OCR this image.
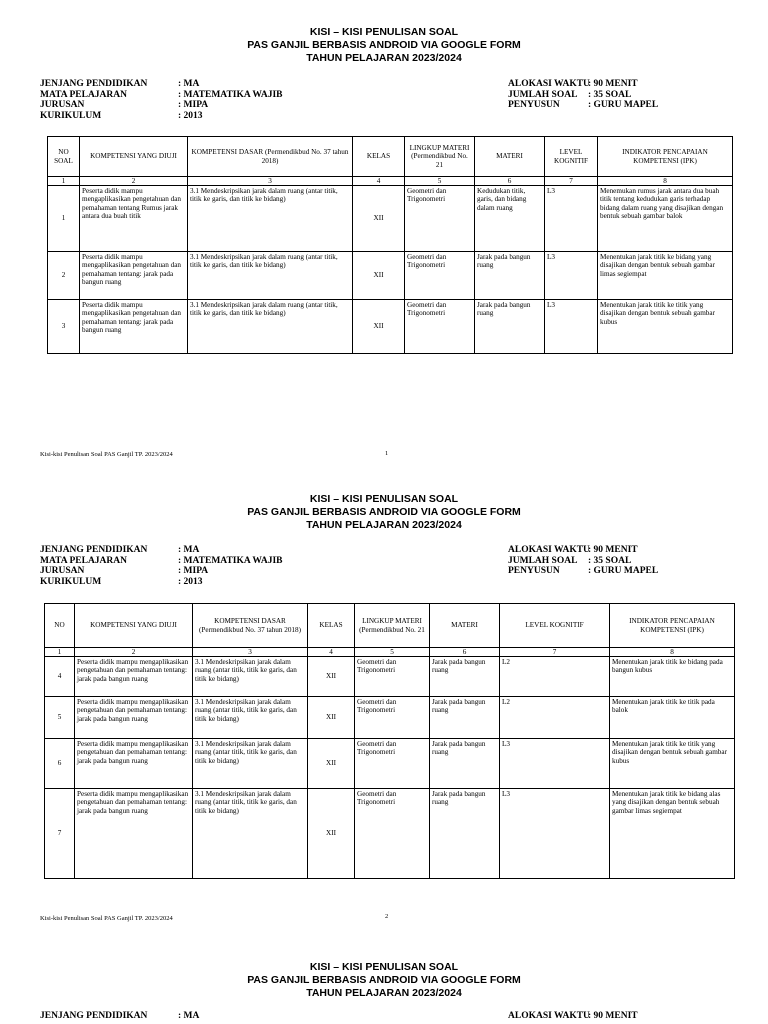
KISI – KISI PENULISAN SOAL
PAS GANJIL BERBASIS ANDROID VIA GOOGLE FORM
TAHUN PELAJARAN 2023/2024
JENJANG PENDIDIKAN	: MA
MATA PELAJARAN	: MATEMATIKA WAJIB
JURUSAN	: MIPA
KURIKULUM	: 2013
ALOKASI WAKTU
: 90 MENIT
JUMLAH SOAL	: 35 SOAL
PENYUSUN	: GURU MAPEL
NO SOAL	KOMPETENSI YANG DIUJI	KOMPETENSI DASAR (Permendikbud No. 37 tahun 2018)	KELAS	LINGKUP MATERI (Permendikbud No. 21	MATERI	LEVEL KOGNITIF	INDIKATOR PENCAPAIAN KOMPETENSI (IPK)
1	2	3	4	5	6	7	8
1	Peserta didik mampu mengaplikasikan pengetahuan dan pemahaman tentang Rumus jarak antara dua buah titik	3.1 Mendeskripsikan jarak dalam ruang (antar titik, titik ke garis, dan titik ke bidang)	XII	Geometri dan Trigonometri	Kedudukan titik, garis, dan bidang dalam ruang	L3	Menemukan rumus jarak antara dua buah titik tentang kedudukan garis terhadap bidang dalam ruang yang disajikan dengan bentuk sebuah gambar balok
2	Peserta didik mampu mengaplikasikan pengetahuan dan pemahaman tentang: jarak pada bangun ruang	3.1 Mendeskripsikan jarak dalam ruang (antar titik, titik ke garis, dan titik ke bidang)	XII	Geometri dan Trigonometri	Jarak pada bangun ruang	L3	Menentukan jarak titik ke bidang yang disajikan dengan bentuk sebuah gambar limas segiempat
3	Peserta didik mampu mengaplikasikan pengetahuan dan pemahaman tentang: jarak pada bangun ruang	3.1 Mendeskripsikan jarak dalam ruang (antar titik, titik ke garis, dan titik ke bidang)	XII	Geometri dan Trigonometri	Jarak pada bangun ruang	L3	Menentukan jarak titik ke titik yang disajikan dengan bentuk sebuah gambar kubus
Kisi-kisi Penulisan Soal PAS Ganjil TP. 2023/2024	1
KISI – KISI PENULISAN SOAL
PAS GANJIL BERBASIS ANDROID VIA GOOGLE FORM
TAHUN PELAJARAN 2023/2024
JENJANG PENDIDIKAN	: MA
MATA PELAJARAN	: MATEMATIKA WAJIB
JURUSAN	: MIPA
KURIKULUM	: 2013
ALOKASI WAKTU
: 90 MENIT
JUMLAH SOAL	: 35 SOAL
PENYUSUN	: GURU MAPEL
NO	KOMPETENSI YANG DIUJI	KOMPETENSI DASAR (Permendikbud No. 37 tahun 2018)	KELAS	LINGKUP MATERI (Permendikbud No. 21	MATERI	LEVEL KOGNITIF	INDIKATOR PENCAPAIAN KOMPETENSI (IPK)
1	2	3	4	5	6	7	8
4	Peserta didik mampu mengaplikasikan pengetahuan dan pemahaman tentang: jarak pada bangun ruang	3.1 Mendeskripsikan jarak dalam ruang (antar titik, titik ke garis, dan titik ke bidang)	XII	Geometri dan Trigonometri	Jarak pada bangun ruang	L2	Menentukan jarak titik ke bidang pada bangun kubus
5	Peserta didik mampu mengaplikasikan pengetahuan dan pemahaman tentang: jarak pada bangun ruang	3.1 Mendeskripsikan jarak dalam ruang (antar titik, titik ke garis, dan titik ke bidang)	XII	Geometri dan Trigonometri	Jarak pada bangun ruang	L2	Menentukan jarak titik ke titik pada balok
6	Peserta didik mampu mengaplikasikan pengetahuan dan pemahaman tentang: jarak pada bangun ruang	3.1 Mendeskripsikan jarak dalam ruang (antar titik, titik ke garis, dan titik ke bidang)	XII	Geometri dan Trigonometri	Jarak pada bangun ruang	L3	Menentukan jarak titik ke titik yang disajikan dengan bentuk sebuah gambar kubus
7	Peserta didik mampu mengaplikasikan pengetahuan dan pemahaman tentang: jarak pada bangun ruang	3.1 Mendeskripsikan jarak dalam ruang (antar titik, titik ke garis, dan titik ke bidang)	XII	Geometri dan Trigonometri	Jarak pada bangun ruang	L3	Menentukan jarak titik ke bidang alas yang disajikan dengan bentuk sebuah gambar limas segiempat
Kisi-kisi Penulisan Soal PAS Ganjil TP. 2023/2024	2
KISI – KISI PENULISAN SOAL
PAS GANJIL BERBASIS ANDROID VIA GOOGLE FORM
TAHUN PELAJARAN 2023/2024
JENJANG PENDIDIKAN	: MA	ALOKASI WAKTU
: 90 MENIT
